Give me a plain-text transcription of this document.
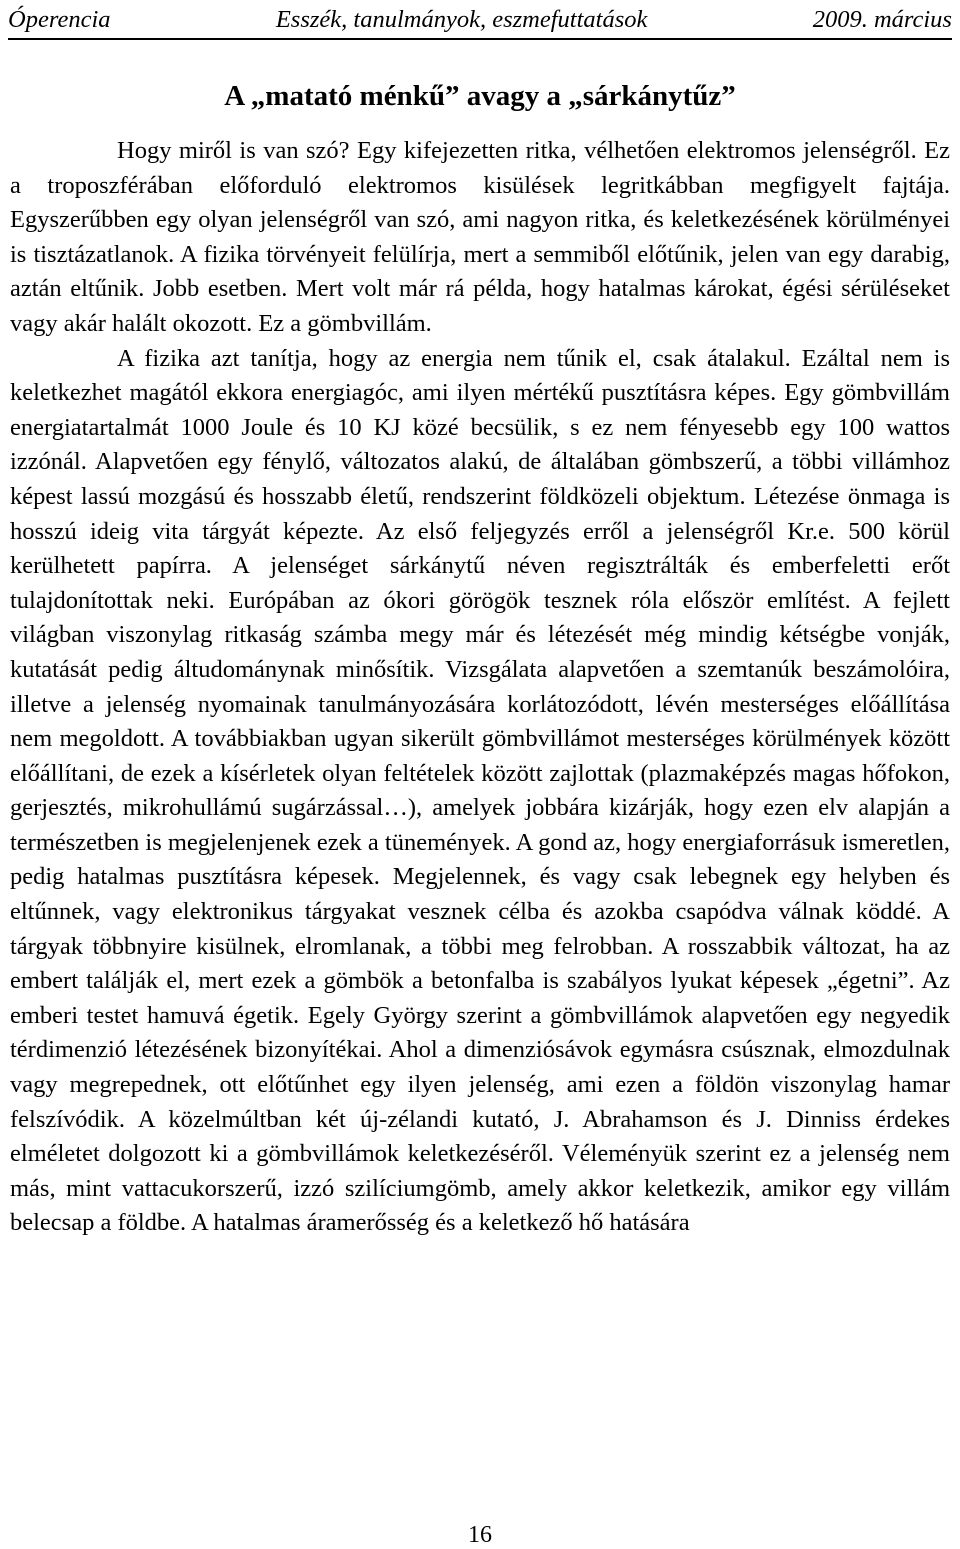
Óperencia	Esszék, tanulmányok, eszmefuttatások	2009. március
A „matató ménkű” avagy a „sárkánytűz”

Hogy miről is van szó? Egy kifejezetten ritka, vélhetően elektromos jelenségről. Ez a troposzférában előforduló elektromos kisülések legritkábban megfigyelt fajtája. Egyszerűbben egy olyan jelenségről van szó, ami nagyon ritka, és keletkezésének körülményei is tisztázatlanok. A fizika törvényeit felülírja, mert a semmiből előtűnik, jelen van egy darabig, aztán eltűnik. Jobb esetben. Mert volt már rá példa, hogy hatalmas károkat, égési sérüléseket vagy akár halált okozott. Ez a gömbvillám.

A fizika azt tanítja, hogy az energia nem tűnik el, csak átalakul. Ezáltal nem is keletkezhet magától ekkora energiagóc, ami ilyen mértékű pusztításra képes. Egy gömbvillám energiatartalmát 1000 Joule és 10 KJ közé becsülik, s ez nem fényesebb egy 100 wattos izzónál. Alapvetően egy fénylő, változatos alakú, de általában gömbszerű, a többi villámhoz képest lassú mozgású és hosszabb életű, rendszerint földközeli objektum. Létezése önmaga is hosszú ideig vita tárgyát képezte. Az első feljegyzés erről a jelenségről Kr.e. 500 körül kerülhetett papírra. A jelenséget sárkánytű néven regisztrálták és emberfeletti erőt tulajdonítottak neki. Európában az ókori görögök tesznek róla először említést. A fejlett világban viszonylag ritkaság számba megy már és létezését még mindig kétségbe vonják, kutatását pedig áltudománynak minősítik. Vizsgálata alapvetően a szemtanúk beszámolóira, illetve a jelenség nyomainak tanulmányozására korlátozódott, lévén mesterséges előállítása nem megoldott. A továbbiakban ugyan sikerült gömbvillámot mesterséges körülmények között előállítani, de ezek a kísérletek olyan feltételek között zajlottak (plazmaképzés magas hőfokon, gerjesztés, mikrohullámú sugárzással…), amelyek jobbára kizárják, hogy ezen elv alapján a természetben is megjelenjenek ezek a tünemények. A gond az, hogy energiaforrásuk ismeretlen, pedig hatalmas pusztításra képesek. Megjelennek, és vagy csak lebegnek egy helyben és eltűnnek, vagy elektronikus tárgyakat vesznek célba és azokba csapódva válnak köddé. A tárgyak többnyire kisülnek, elromlanak, a többi meg felrobban. A rosszabbik változat, ha az embert találják el, mert ezek a gömbök a betonfalba is szabályos lyukat képesek „égetni”. Az emberi testet hamuvá égetik. Egely György szerint a gömbvillámok alapvetően egy negyedik térdimenzió létezésének bizonyítékai. Ahol a dimenziósávok egymásra csúsznak, elmozdulnak vagy megrepednek, ott előtűnhet egy ilyen jelenség, ami ezen a földön viszonylag hamar felszívódik. A közelmúltban két új-zélandi kutató, J. Abrahamson és J. Dinniss érdekes elméletet dolgozott ki a gömbvillámok keletkezéséről. Véleményük szerint ez a jelenség nem más, mint vattacukorszerű, izzó szilíciumgömb, amely akkor keletkezik, amikor egy villám belecsap a földbe. A hatalmas áramerősség és a keletkező hő hatására

16
